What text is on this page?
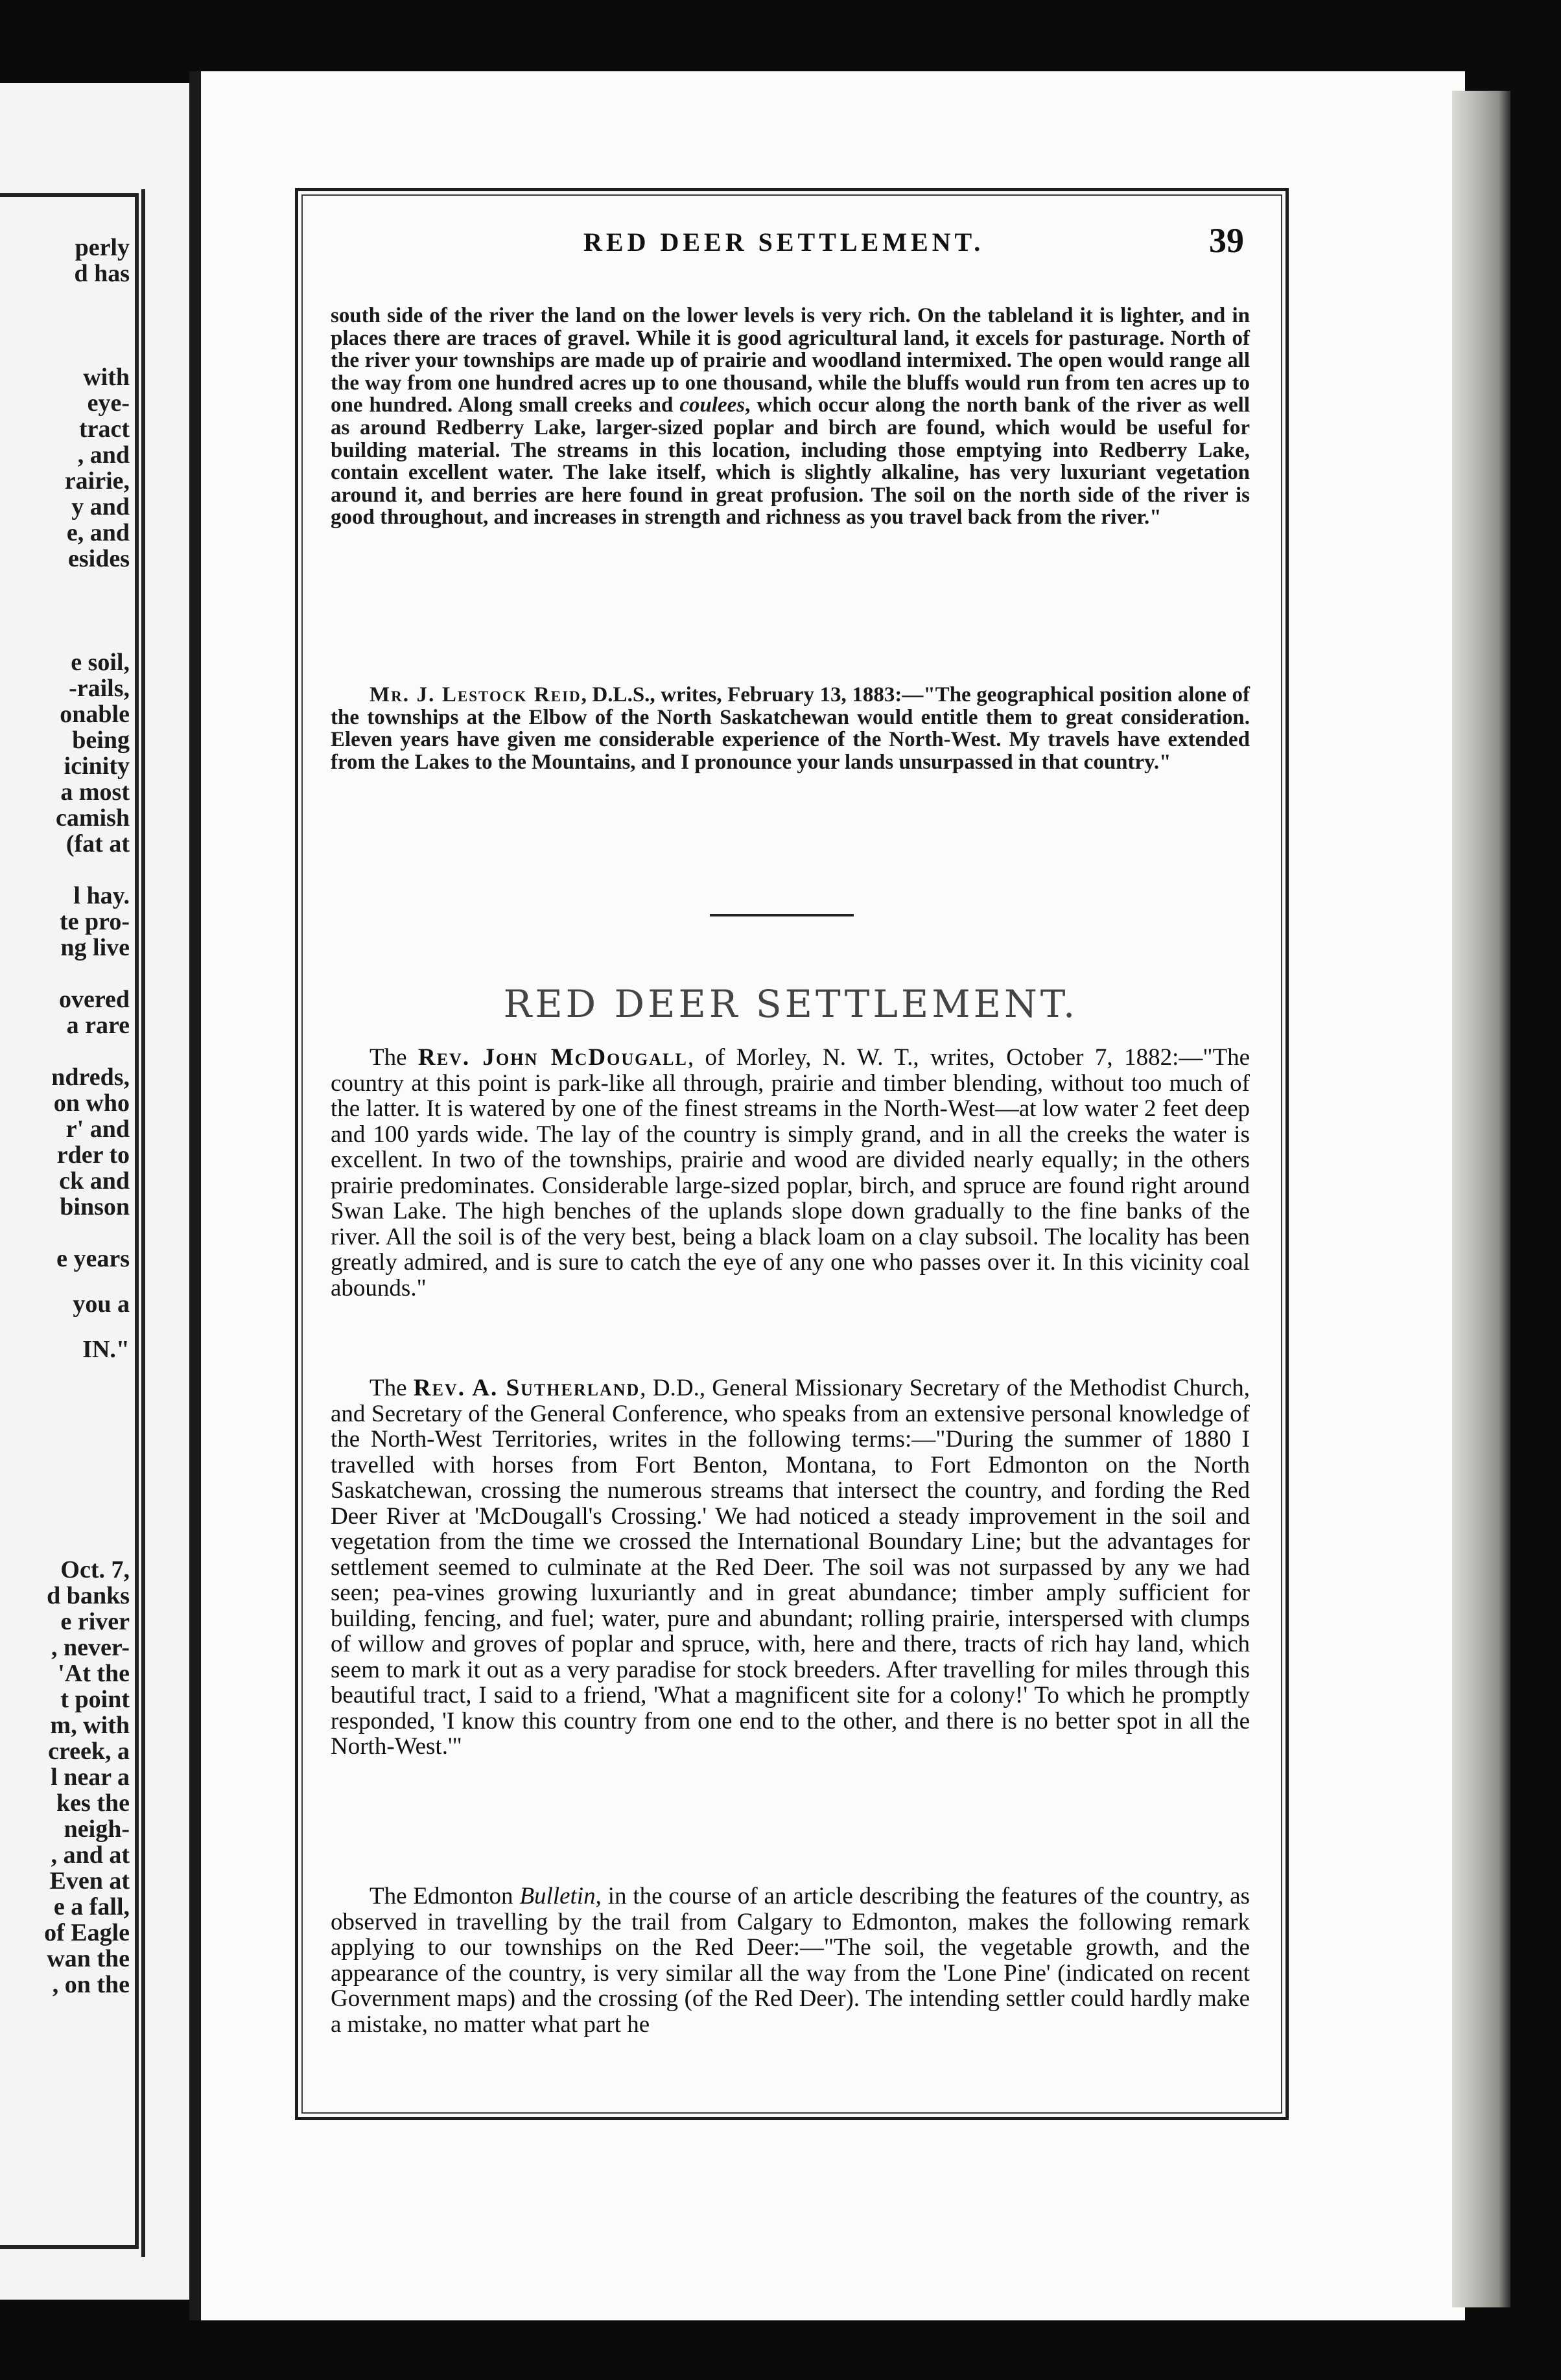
perly
d has
with
eye-
tract
, and
rairie,
y and
e, and
esides
e soil,
-rails,
onable
being
icinity
a most
camish
(fat at
l hay.
te pro-
ng live
overed
a rare
ndreds,
on who
r' and
rder to
ck and
binson
e years
you a
IN."
Oct. 7,
d banks
e river
, never-
'At the
t point
m, with
creek, a
l near a
kes the
neigh-
, and at
Even at
e a fall,
of Eagle
wan the
, on the
RED DEER SETTLEMENT.	39
south side of the river the land on the lower levels is very rich. On the tableland it is lighter, and in places there are traces of gravel. While it is good agricultural land, it excels for pasturage. North of the river your townships are made up of prairie and woodland intermixed. The open would range all the way from one hundred acres up to one thousand, while the bluffs would run from ten acres up to one hundred. Along small creeks and coulees, which occur along the north bank of the river as well as around Redberry Lake, larger-sized poplar and birch are found, which would be useful for building material. The streams in this location, including those emptying into Redberry Lake, contain excellent water. The lake itself, which is slightly alkaline, has very luxuriant vegetation around it, and berries are here found in great profusion. The soil on the north side of the river is good throughout, and increases in strength and richness as you travel back from the river."
Mr. J. Lestock Reid, D.L.S., writes, February 13, 1883:—"The geographical position alone of the townships at the Elbow of the North Saskatchewan would entitle them to great consideration. Eleven years have given me considerable experience of the North-West. My travels have extended from the Lakes to the Mountains, and I pronounce your lands unsurpassed in that country."
RED DEER SETTLEMENT.
The Rev. John McDougall, of Morley, N. W. T., writes, October 7, 1882:—"The country at this point is park-like all through, prairie and timber blending, without too much of the latter. It is watered by one of the finest streams in the North-West—at low water 2 feet deep and 100 yards wide. The lay of the country is simply grand, and in all the creeks the water is excellent. In two of the townships, prairie and wood are divided nearly equally; in the others prairie predominates. Considerable large-sized poplar, birch, and spruce are found right around Swan Lake. The high benches of the uplands slope down gradually to the fine banks of the river. All the soil is of the very best, being a black loam on a clay subsoil. The locality has been greatly admired, and is sure to catch the eye of any one who passes over it. In this vicinity coal abounds."
The Rev. A. Sutherland, D.D., General Missionary Secretary of the Methodist Church, and Secretary of the General Conference, who speaks from an extensive personal knowledge of the North-West Territories, writes in the following terms:—"During the summer of 1880 I travelled with horses from Fort Benton, Montana, to Fort Edmonton on the North Saskatchewan, crossing the numerous streams that intersect the country, and fording the Red Deer River at 'McDougall's Crossing.' We had noticed a steady improvement in the soil and vegetation from the time we crossed the International Boundary Line; but the advantages for settlement seemed to culminate at the Red Deer. The soil was not surpassed by any we had seen; pea-vines growing luxuriantly and in great abundance; timber amply sufficient for building, fencing, and fuel; water, pure and abundant; rolling prairie, interspersed with clumps of willow and groves of poplar and spruce, with, here and there, tracts of rich hay land, which seem to mark it out as a very paradise for stock breeders. After travelling for miles through this beautiful tract, I said to a friend, 'What a magnificent site for a colony!' To which he promptly responded, 'I know this country from one end to the other, and there is no better spot in all the North-West.'"
The Edmonton Bulletin, in the course of an article describing the features of the country, as observed in travelling by the trail from Calgary to Edmonton, makes the following remark applying to our townships on the Red Deer:—"The soil, the vegetable growth, and the appearance of the country, is very similar all the way from the 'Lone Pine' (indicated on recent Government maps) and the crossing (of the Red Deer). The intending settler could hardly make a mistake, no matter what part he
